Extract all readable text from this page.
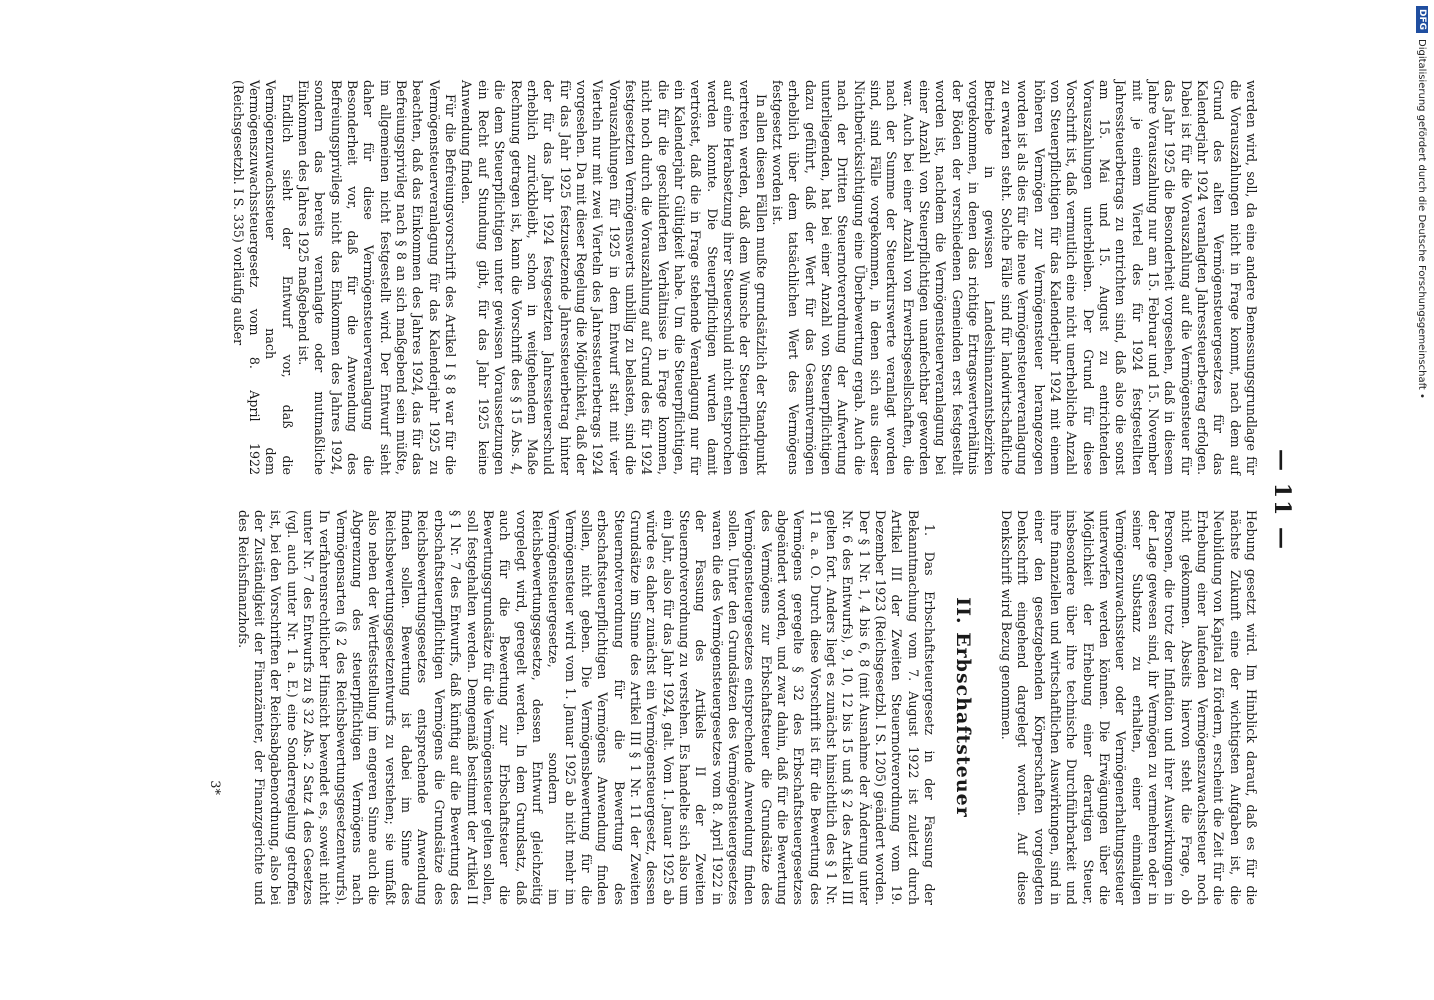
— 11 —

werden wird, soll, da eine andere Bemessungsgrundlage für die Vorauszahlungen nicht in Frage kommt, nach dem auf Grund des alten Vermögensteuergesetzes für das Kalenderjahr 1924 veranlagten Jahressteuerbetrag erfolgen. Dabei ist für die Vorauszahlung auf die Vermögensteuer für das Jahr 1925 die Besonderheit vorgesehen, daß in diesem Jahre Vorauszahlung nur am 15. Februar und 15. November mit je einem Viertel des für 1924 festgestellten Jahressteuerbetrags zu entrichten sind, daß also die sonst am 15. Mai und 15. August zu entrichtenden Vorauszahlungen unterbleiben. Der Grund für diese Vorschrift ist, daß vermutlich eine nicht unerhebliche Anzahl von Steuerpflichtigen für das Kalenderjahr 1924 mit einem höheren Vermögen zur Vermögensteuer herangezogen worden ist als dies für die neue Vermögensteuerveranlagung zu erwarten steht. Solche Fälle sind für landwirtschaftliche Betriebe in gewissen Landeshinanzamtsbezirken vorgekommen, in denen das richtige Ertragswertverhältnis der Böden der verschiedenen Gemeinden erst festgestellt worden ist, nachdem die Vermögensteuerveranlagung bei einer Anzahl von Steuerpflichtigen unanfechtbar geworden war. Auch bei einer Anzahl von Erwerbsgesellschaften, die nach der Summe der Steuerkurswerte veranlagt worden sind, sind Fälle vorgekommen, in denen sich aus dieser Nichtberücksichtigung eine Überbewertung ergab. Auch die nach der Dritten Steuernotverordnung der Aufwertung unterliegenden, hat bei einer Anzahl von Steuerpflichtigen dazu geführt, daß der Wert für das Gesamtvermögen erheblich über dem tatsächlichen Wert des Vermögens festgesetzt worden ist.

In allen diesen Fällen mußte grundsätzlich der Standpunkt vertreten werden, daß dem Wunsche der Steuerpflichtigen auf eine Herabsetzung ihrer Steuerschuld nicht entsprochen werden konnte. Die Steuerpflichtigen wurden damit vertröstet, daß die in Frage stehende Veranlagung nur für ein Kalenderjahr Gültigkeit habe. Um die Steuerpflichtigen, die für die geschilderten Verhältnisse in Frage kommen, nicht noch durch die Vorauszahlung auf Grund des für 1924 festgesetzten Vermögenswerts unbillig zu belasten, sind die Vorauszahlungen für 1925 in dem Entwurf statt mit vier Vierteln nur mit zwei Vierteln des Jahressteuerbetrags 1924 vorgesehen. Da mit dieser Regelung die Möglichkeit, daß der für das Jahr 1925 festzusetzende Jahressteuerbetrag hinter der für das Jahr 1924 festgesetzten Jahressteuerschuld erheblich zurückbleibt, schon in weitgehendem Maße Rechnung getragen ist, kann die Vorschrift des § 15 Abs. 4, die dem Steuerpflichtigen unter gewissen Voraussetzungen ein Recht auf Stundung gibt, für das Jahr 1925 keine Anwendung finden.

Für die Befreiungsvorschrift des Artikel I § 8 war für die Vermögensteuerveranlagung für das Kalenderjahr 1925 zu beachten, daß das Einkommen des Jahres 1924, das für das Befreiungsprivileg nach § 8 an sich maßgebend sein müßte, im allgemeinen nicht festgestellt wird. Der Entwurf sieht daher für diese Vermögensteuerveranlagung die Besonderheit vor, daß für die Anwendung des Befreiungsprivilegs nicht das Einkommen des Jahres 1924, sondern das bereits veranlagte oder mutmaßliche Einkommen des Jahres 1925 maßgebend ist.

Endlich sieht der Entwurf vor, daß die Vermögenzuwachssteuer nach dem Vermögenszuwachssteuergesetz vom 8. April 1922 (Reichsgesetzbl. I S. 335) vorläufig außer

Hebung gesetzt wird. Im Hinblick darauf, daß es für die nächste Zukunft eine der wichtigsten Aufgaben ist, die Neubildung von Kapital zu fördern, erscheint die Zeit für die Erhebung einer laufenden Vermögenszuwachssteuer noch nicht gekommen. Abseits hiervon steht die Frage, ob Personen, die trotz der Inflation und ihrer Auswirkungen in der Lage gewesen sind, ihr Vermögen zu vermehren oder in seiner Substanz zu erhalten, einer einmaligen Vermögenzuwachssteuer oder Vermögenerhaltungssteuer unterworfen werden können. Die Erwägungen über die Möglichkeit der Erhebung einer derartigen Steuer, insbesondere über ihre technische Durchführbarkeit und ihre finanziellen und wirtschaftlichen Auswirkungen, sind in einer den gesetzgebenden Körperschaften vorgelegten Denkschrift eingehend dargelegt worden. Auf diese Denkschrift wird Bezug genommen.

II. Erbschaftsteuer

1. Das Erbschaftsteuergesetz in der Fassung der Bekanntmachung vom 7. August 1922 ist zuletzt durch Artikel III der Zweiten Steuernotverordnung vom 19. Dezember 1923 (Reichsgesetzbl. I S. 1205) geändert worden. Der § 1 Nr. 1, 4 bis 6, 8 (mit Ausnahme der Änderung unter Nr. 6 des Entwurfs), 9, 10, 12 bis 15 und § 2 des Artikel III gelten fort. Anders liegt es zunächst hinsichtlich des § 1 Nr. 11 a. a. O. Durch diese Vorschrift ist für die Bewertung des Vermögens geregelte § 32 des Erbschaftsteuergesetzes abgeändert worden, und zwar dahin, daß für die Bewertung des Vermögens zur Erbschaftsteuer die Grundsätze des Vermögensteuergesetzes entsprechende Anwendung finden sollen. Unter den Grundsätzen des Vermögensteuergesetzes waren die des Vermögensteuergesetzes vom 8. April 1922 in der Fassung des Artikels II der Zweiten Steuernotverordnung zu verstehen. Es handelte sich also um ein Jahr, also für das Jahr 1924, galt. Vom 1. Januar 1925 ab würde es daher zunächst ein Vermögensteuergesetz, dessen Grundsätze im Sinne des Artikel III § 1 Nr. 11 der Zweiten Steuernotverordnung für die Bewertung des erbschaftsteuerpflichtigen Vermögens Anwendung finden sollen, nicht geben. Die Vermögensbewertung für die Vermögensteuer wird vom 1. Januar 1925 ab nicht mehr im Vermögensteuergesetze, sondern im Reichsbewertungsgesetze, dessen Entwurf gleichzeitig vorgelegt wird, geregelt werden. In dem Grundsatz, daß auch für die Bewertung zur Erbschaftsteuer die Bewertungsgrundsätze für die Vermögensteuer gelten sollen, soll festgehalten werden. Demgemäß bestimmt der Artikel II § 1 Nr. 7 des Entwurfs, daß künftig auf die Bewertung des erbschaftsteuerpflichtigen Vermögens die Grundsätze des Reichsbewertungsgesetzes entsprechende Anwendung finden sollen. Bewertung ist dabei im Sinne des Reichsbewertungsgesetzentwurfs zu verstehen; sie umfaßt also neben der Wertfeststellung im engeren Sinne auch die Abgrenzung des steuerpflichtigen Vermögens nach Vermögensarten (§ 2 des Reichsbewertungsgesetzentwurfs). In verfahrensrechtlicher Hinsicht bewendet es, soweit nicht unter Nr. 7 des Entwurfs zu § 32 Abs. 2 Satz 4 des Gesetzes (vgl. auch unter Nr. 1 a. E.) eine Sonderregelung getroffen ist, bei den Vorschriften der Reichsabgabenordnung, also bei der Zuständigkeit der Finanzämter, der Finanzgerichte und des Reichsfinanzhofs.

3*
DFG
Digitalisierung gefördert durch die Deutsche Forschungsgemeinschaft •
